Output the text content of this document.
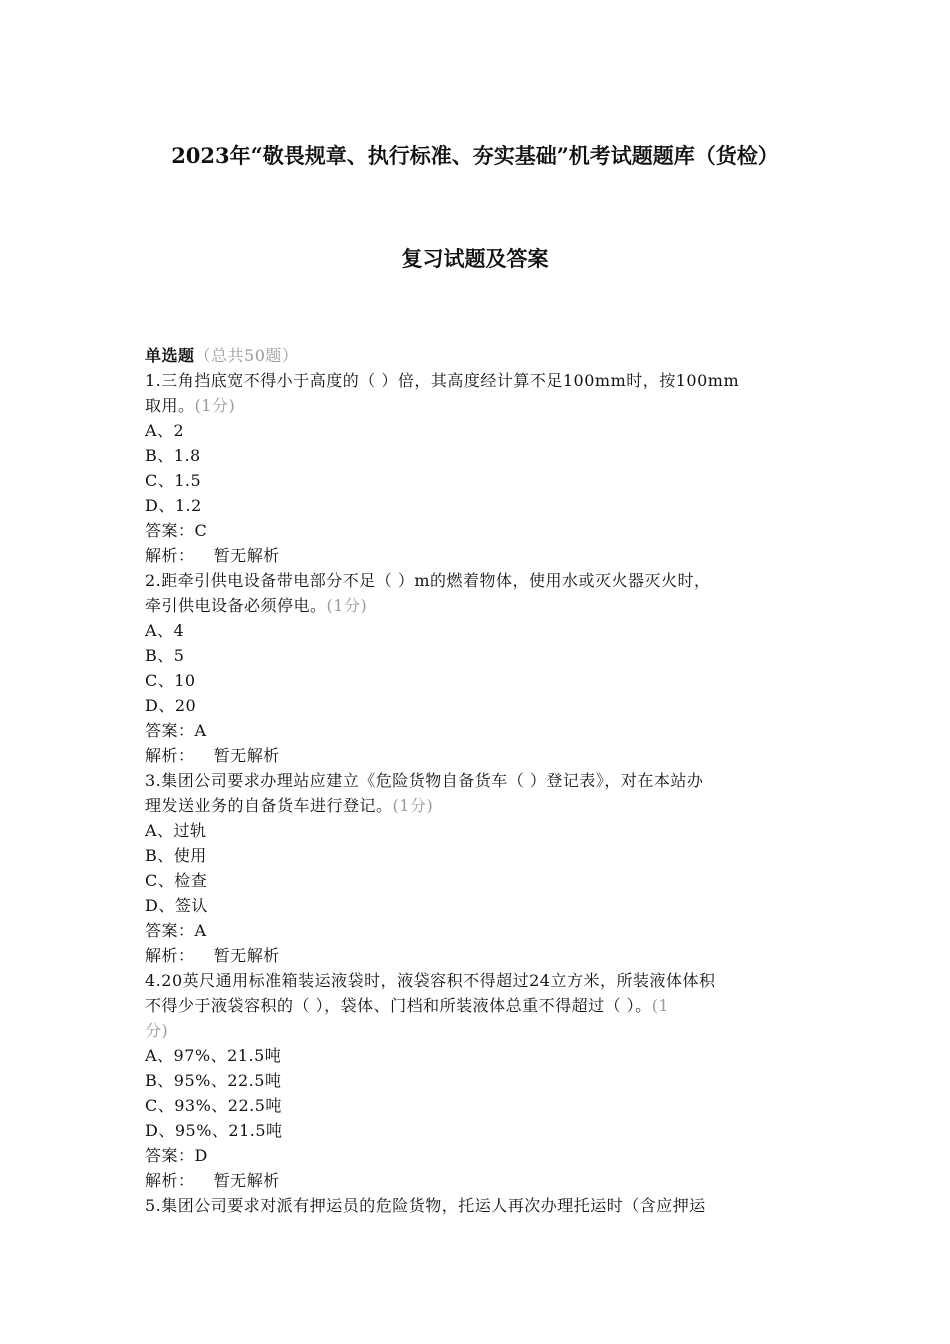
2023年“敬畏规章、执行标准、夯实基础”机考试题题库（货检）
复习试题及答案
单选题（总共50题）
1.三角挡底宽不得小于高度的（ ）倍，其高度经计算不足100mm时，按100mm
取用。(1分)
A、2
B、1.8
C、1.5
D、1.2
答案：C
解析： 暂无解析
2.距牵引供电设备带电部分不足（ ）m的燃着物体，使用水或灭火器灭火时，
牵引供电设备必须停电。(1分)
A、4
B、5
C、10
D、20
答案：A
解析： 暂无解析
3.集团公司要求办理站应建立《危险货物自备货车（ ）登记表》，对在本站办
理发送业务的自备货车进行登记。(1分)
A、过轨
B、使用
C、检查
D、签认
答案：A
解析： 暂无解析
4.20英尺通用标准箱装运液袋时，液袋容积不得超过24立方米，所装液体体积
不得少于液袋容积的（ ），袋体、门档和所装液体总重不得超过（ ）。(1
分)
A、97%、21.5吨
B、95%、22.5吨
C、93%、22.5吨
D、95%、21.5吨
答案：D
解析： 暂无解析
5.集团公司要求对派有押运员的危险货物，托运人再次办理托运时（含应押运
